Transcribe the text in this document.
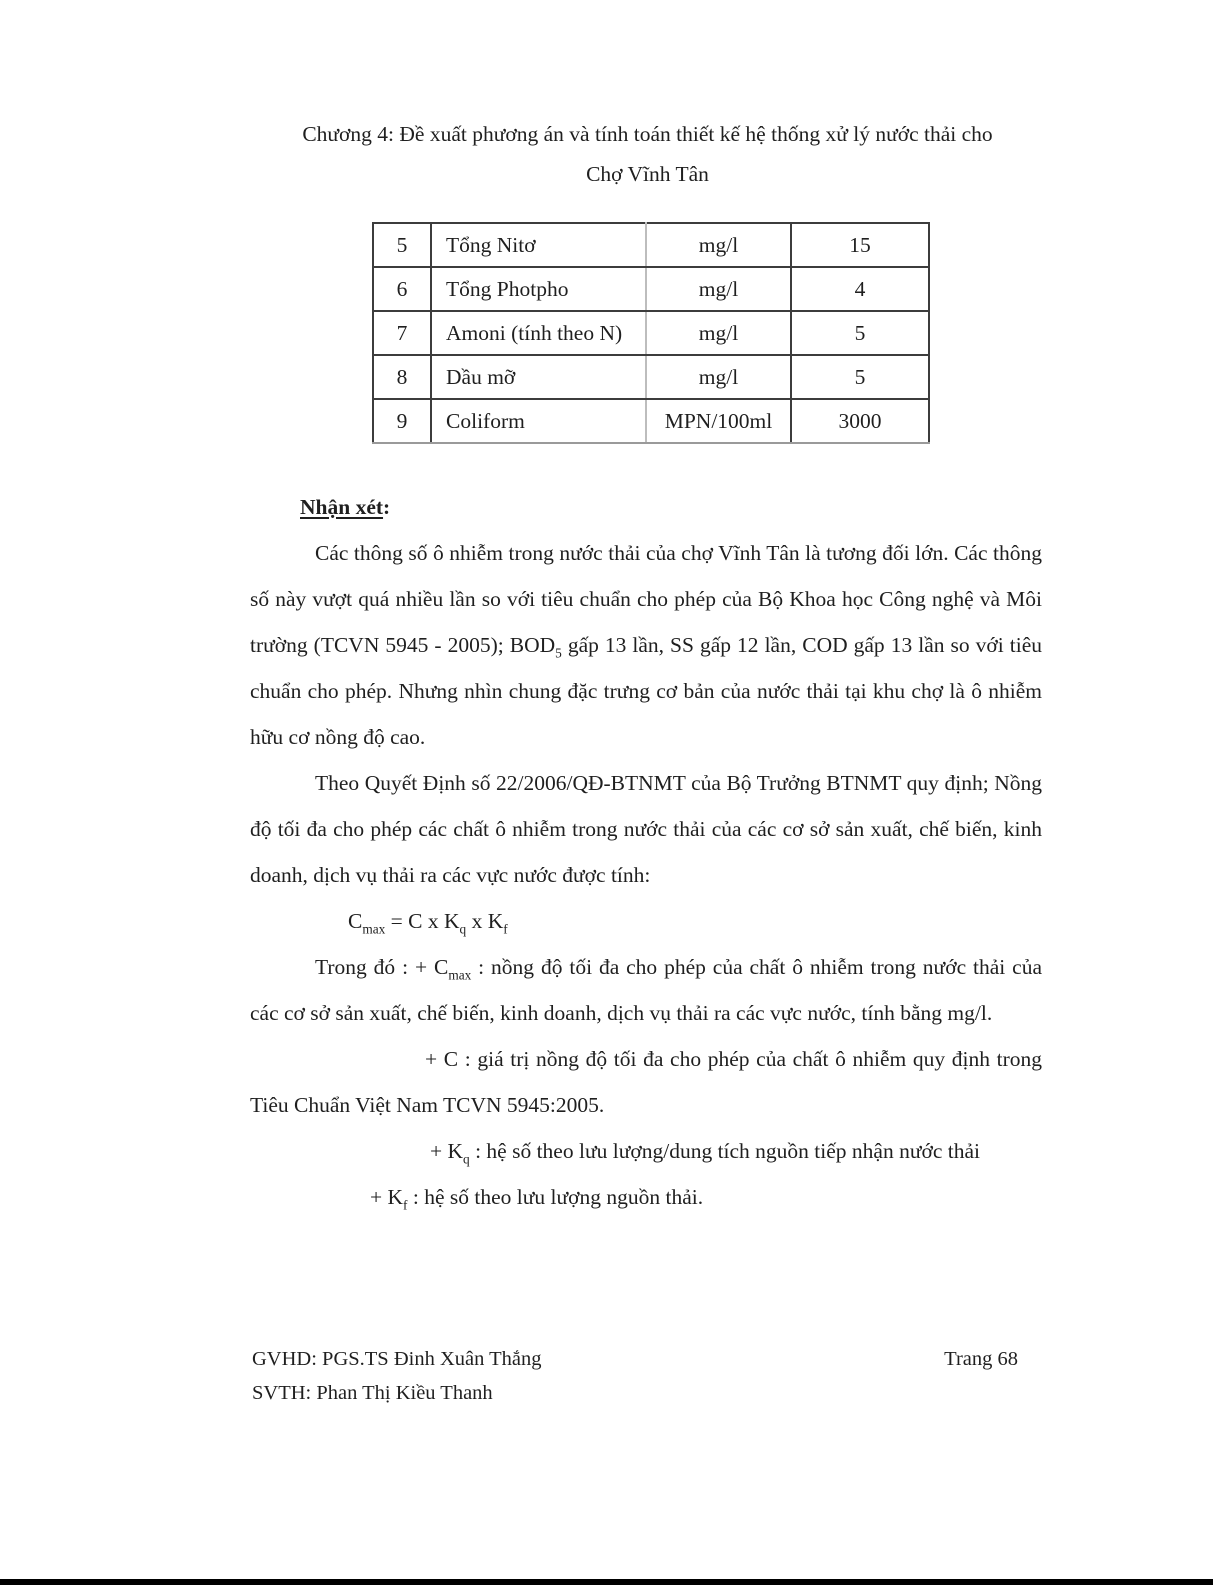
Chương 4: Đề xuất phương án và tính toán thiết kế hệ thống xử lý nước thải cho
Chợ Vĩnh Tân
5	Tổng Nitơ	mg/l	15
6	Tổng Photpho	mg/l	4
7	Amoni (tính theo N)	mg/l	5
8	Dầu mỡ	mg/l	5
9	Coliform	MPN/100ml	3000
Nhận xét:

Các thông số ô nhiễm trong nước thải của chợ Vĩnh Tân là tương đối lớn. Các thông số này vượt quá nhiều lần so với tiêu chuẩn cho phép của Bộ Khoa học Công nghệ và Môi trường (TCVN 5945 - 2005); $BOD_5$ gấp 13 lần, SS gấp 12 lần, COD gấp 13 lần so với tiêu chuẩn cho phép. Nhưng nhìn chung đặc trưng cơ bản của nước thải tại khu chợ là ô nhiễm hữu cơ nồng độ cao.

Theo Quyết Định số 22/2006/QĐ-BTNMT của Bộ Trưởng BTNMT quy định; Nồng độ tối đa cho phép các chất ô nhiễm trong nước thải của các cơ sở sản xuất, chế biến, kinh doanh, dịch vụ thải ra các vực nước được tính:

$C_{max} = C$ x $K_q$ x $K_f$

Trong đó : + $C_{max}$ : nồng độ tối đa cho phép của chất ô nhiễm trong nước thải của các cơ sở sản xuất, chế biến, kinh doanh, dịch vụ thải ra các vực nước, tính bằng mg/l.

+ C : giá trị nồng độ tối đa cho phép của chất ô nhiễm quy định trong Tiêu Chuẩn Việt Nam TCVN 5945:2005.

+ $K_q$ : hệ số theo lưu lượng/dung tích nguồn tiếp nhận nước thải

+ $K_f$ : hệ số theo lưu lượng nguồn thải.

GVHD: PGS.TS Đinh Xuân Thắng	Trang 68
SVTH: Phan Thị Kiều Thanh
